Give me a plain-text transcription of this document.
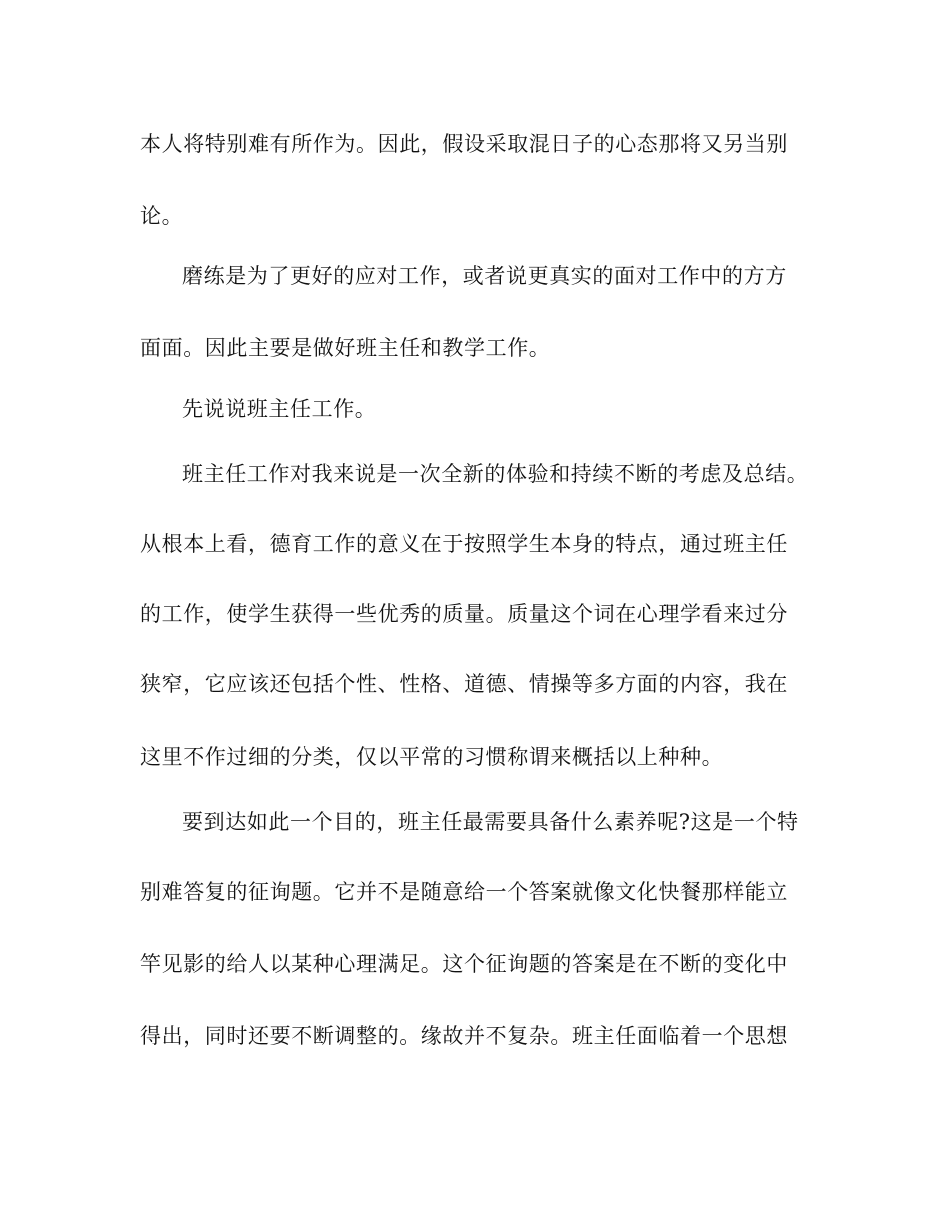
本人将特别难有所作为。因此，假设采取混日子的心态那将又另当别
论。
磨练是为了更好的应对工作，或者说更真实的面对工作中的方方
面面。因此主要是做好班主任和教学工作。
先说说班主任工作。
班主任工作对我来说是一次全新的体验和持续不断的考虑及总结。
从根本上看，德育工作的意义在于按照学生本身的特点，通过班主任
的工作，使学生获得一些优秀的质量。质量这个词在心理学看来过分
狭窄，它应该还包括个性、性格、道德、情操等多方面的内容，我在
这里不作过细的分类，仅以平常的习惯称谓来概括以上种种。
要到达如此一个目的，班主任最需要具备什么素养呢?这是一个特
别难答复的征询题。它并不是随意给一个答案就像文化快餐那样能立
竿见影的给人以某种心理满足。这个征询题的答案是在不断的变化中
得出，同时还要不断调整的。缘故并不复杂。班主任面临着一个思想
